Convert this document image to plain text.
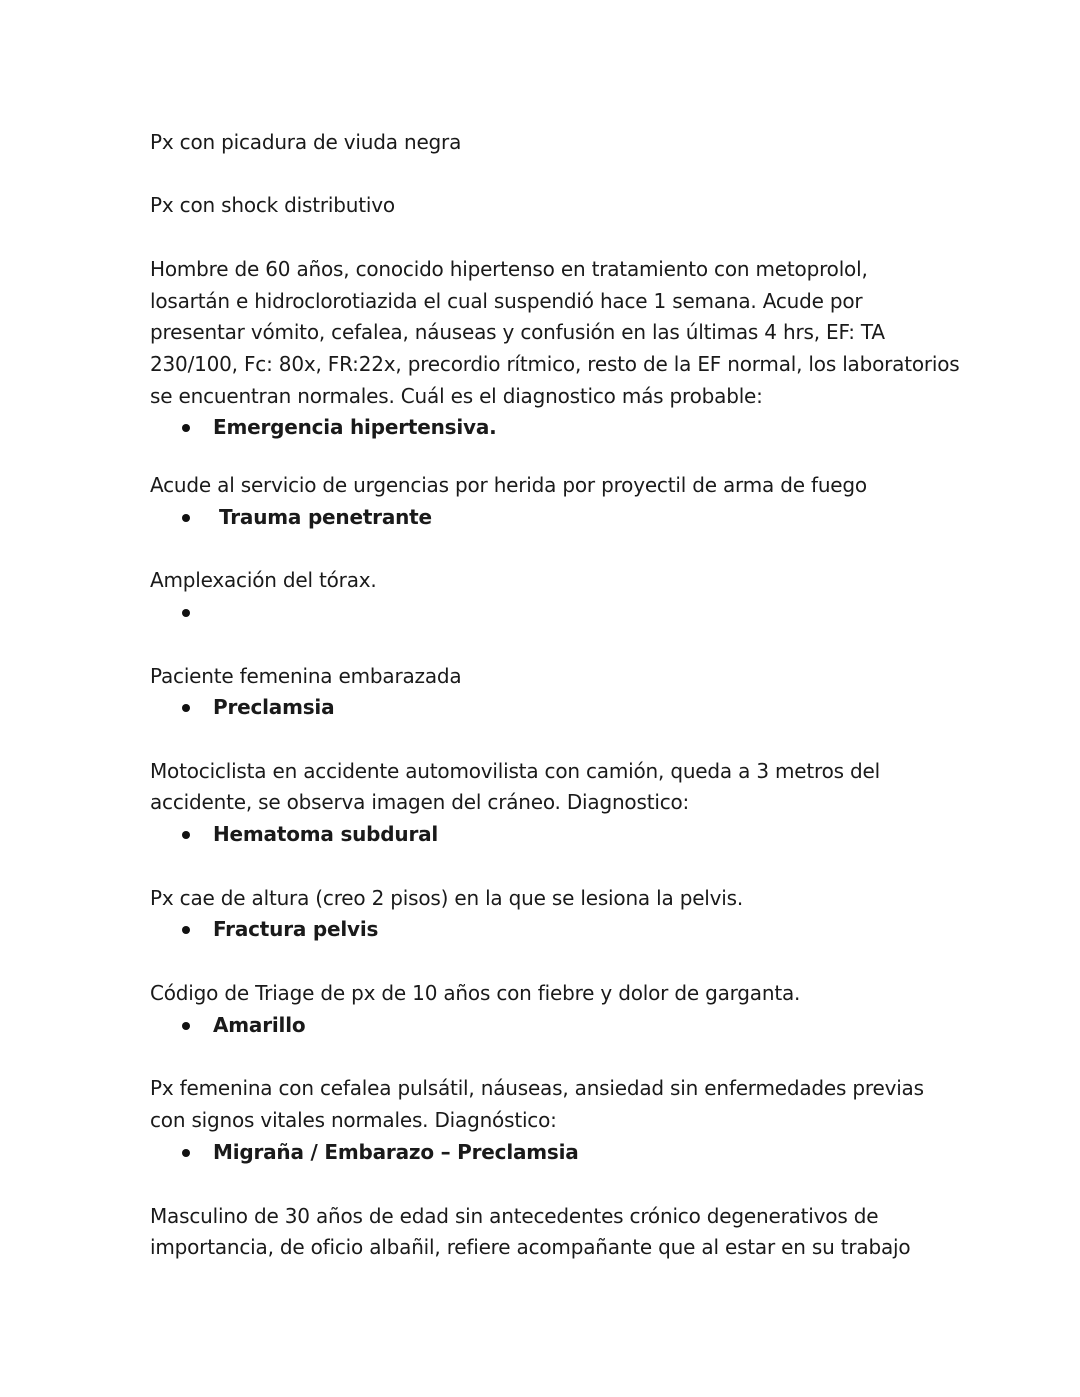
Px con picadura de viuda negra
Px con shock distributivo
Hombre de 60 años, conocido hipertenso en tratamiento con metoprolol,
losartán e hidroclorotiazida el cual suspendió hace 1 semana. Acude por
presentar vómito, cefalea, náuseas y confusión en las últimas 4 hrs, EF: TA
230/100, Fc: 80x, FR:22x, precordio rítmico, resto de la EF normal, los laboratorios
se encuentran normales. Cuál es el diagnostico más probable:
Emergencia hipertensiva.
Acude al servicio de urgencias por herida por proyectil de arma de fuego
Trauma penetrante
Amplexación del tórax.
Paciente femenina embarazada
Preclamsia
Motociclista en accidente automovilista con camión, queda a 3 metros del
accidente, se observa imagen del cráneo. Diagnostico:
Hematoma subdural
Px cae de altura (creo 2 pisos) en la que se lesiona la pelvis.
Fractura pelvis
Código de Triage de px de 10 años con fiebre y dolor de garganta.
Amarillo
Px femenina con cefalea pulsátil, náuseas, ansiedad sin enfermedades previas
con signos vitales normales. Diagnóstico:
Migraña / Embarazo – Preclamsia
Masculino de 30 años de edad sin antecedentes crónico degenerativos de
importancia, de oficio albañil, refiere acompañante que al estar en su trabajo
